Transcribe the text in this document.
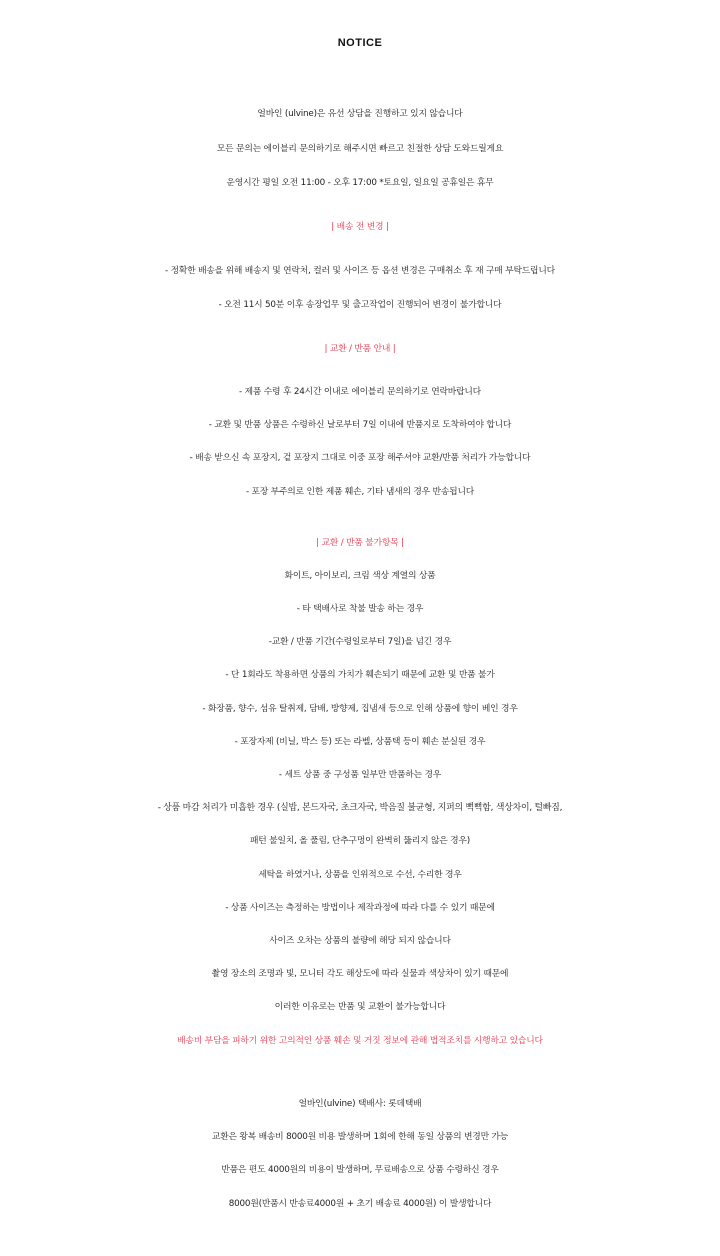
NOTICE
얼바인 (ulvine)은 유선 상담을 진행하고 있지 않습니다
모든 문의는 에이블리 문의하기로 해주시면 빠르고 친절한 상담 도와드릴게요
운영시간 평일 오전 11:00 - 오후 17:00 *토요일, 일요일 공휴일은 휴무
| 배송 전 변경 |
- 정확한 배송을 위해 배송지 및 연락처, 컬러 및 사이즈 등 옵션 변경은 구매취소 후 재 구매 부탁드립니다
- 오전 11시 50분 이후 송장업무 및 출고작업이 진행되어 변경이 불가합니다
| 교환 / 반품 안내 |
- 제품 수령 후 24시간 이내로 에이블리 문의하기로 연락바랍니다
- 교환 및 반품 상품은 수령하신 날로부터 7일 이내에 반품지로 도착하여야 합니다
- 배송 받으신 속 포장지, 겉 포장지 그대로 이중 포장 해주셔야 교환/반품 처리가 가능합니다
- 포장 부주의로 인한 제품 훼손, 기타 냄새의 경우 반송됩니다
| 교환 / 반품 불가항목 |
화이트, 아이보리, 크림 색상 계열의 상품
- 타 택배사로 착불 발송 하는 경우
-교환 / 반품 기간(수령일로부터 7일)을 넘긴 경우
- 단 1회라도 착용하면 상품의 가치가 훼손되기 때문에 교환 및 반품 불가
- 화장품, 향수, 섬유 탈취제, 담배, 방향제, 집냄새 등으로 인해 상품에 향이 베인 경우
- 포장자제 (비닐, 박스 등) 또는 라벨, 상품택 등이 훼손 분실된 경우
- 세트 상품 중 구성품 일부만 반품하는 경우
- 상품 마감 처리가 미흡한 경우 (실밥, 본드자국, 초크자국, 박음질 불균형, 지퍼의 뻑뻑함, 색상차이, 털빠짐,
패턴 불일치, 올 풀림, 단추구멍이 완벽히 뚫리지 않은 경우)
세탁을 하였거나, 상품을 인위적으로 수선, 수리한 경우
- 상품 사이즈는 측정하는 방법이나 제작과정에 따라 다를 수 있기 때문에
사이즈 오차는 상품의 불량에 해당 되지 않습니다
촬영 장소의 조명과 빛, 모니터 각도 해상도에 따라 실물과 색상차이 있기 때문에
이러한 이유로는 반품 및 교환이 불가능합니다
배송비 부담을 피하기 위한 고의적인 상품 훼손 및 거짓 정보에 관해 법적조치를 시행하고 있습니다
얼바인(ulvine) 택배사: 롯데택배
교환은 왕복 배송비 8000원 비용 발생하며 1회에 한해 동일 상품의 변경만 가능
반품은 편도 4000원의 비용이 발생하며, 무료배송으로 상품 수령하신 경우
8000원(반품시 반송료4000원 + 초기 배송료 4000원) 이 발생합니다
